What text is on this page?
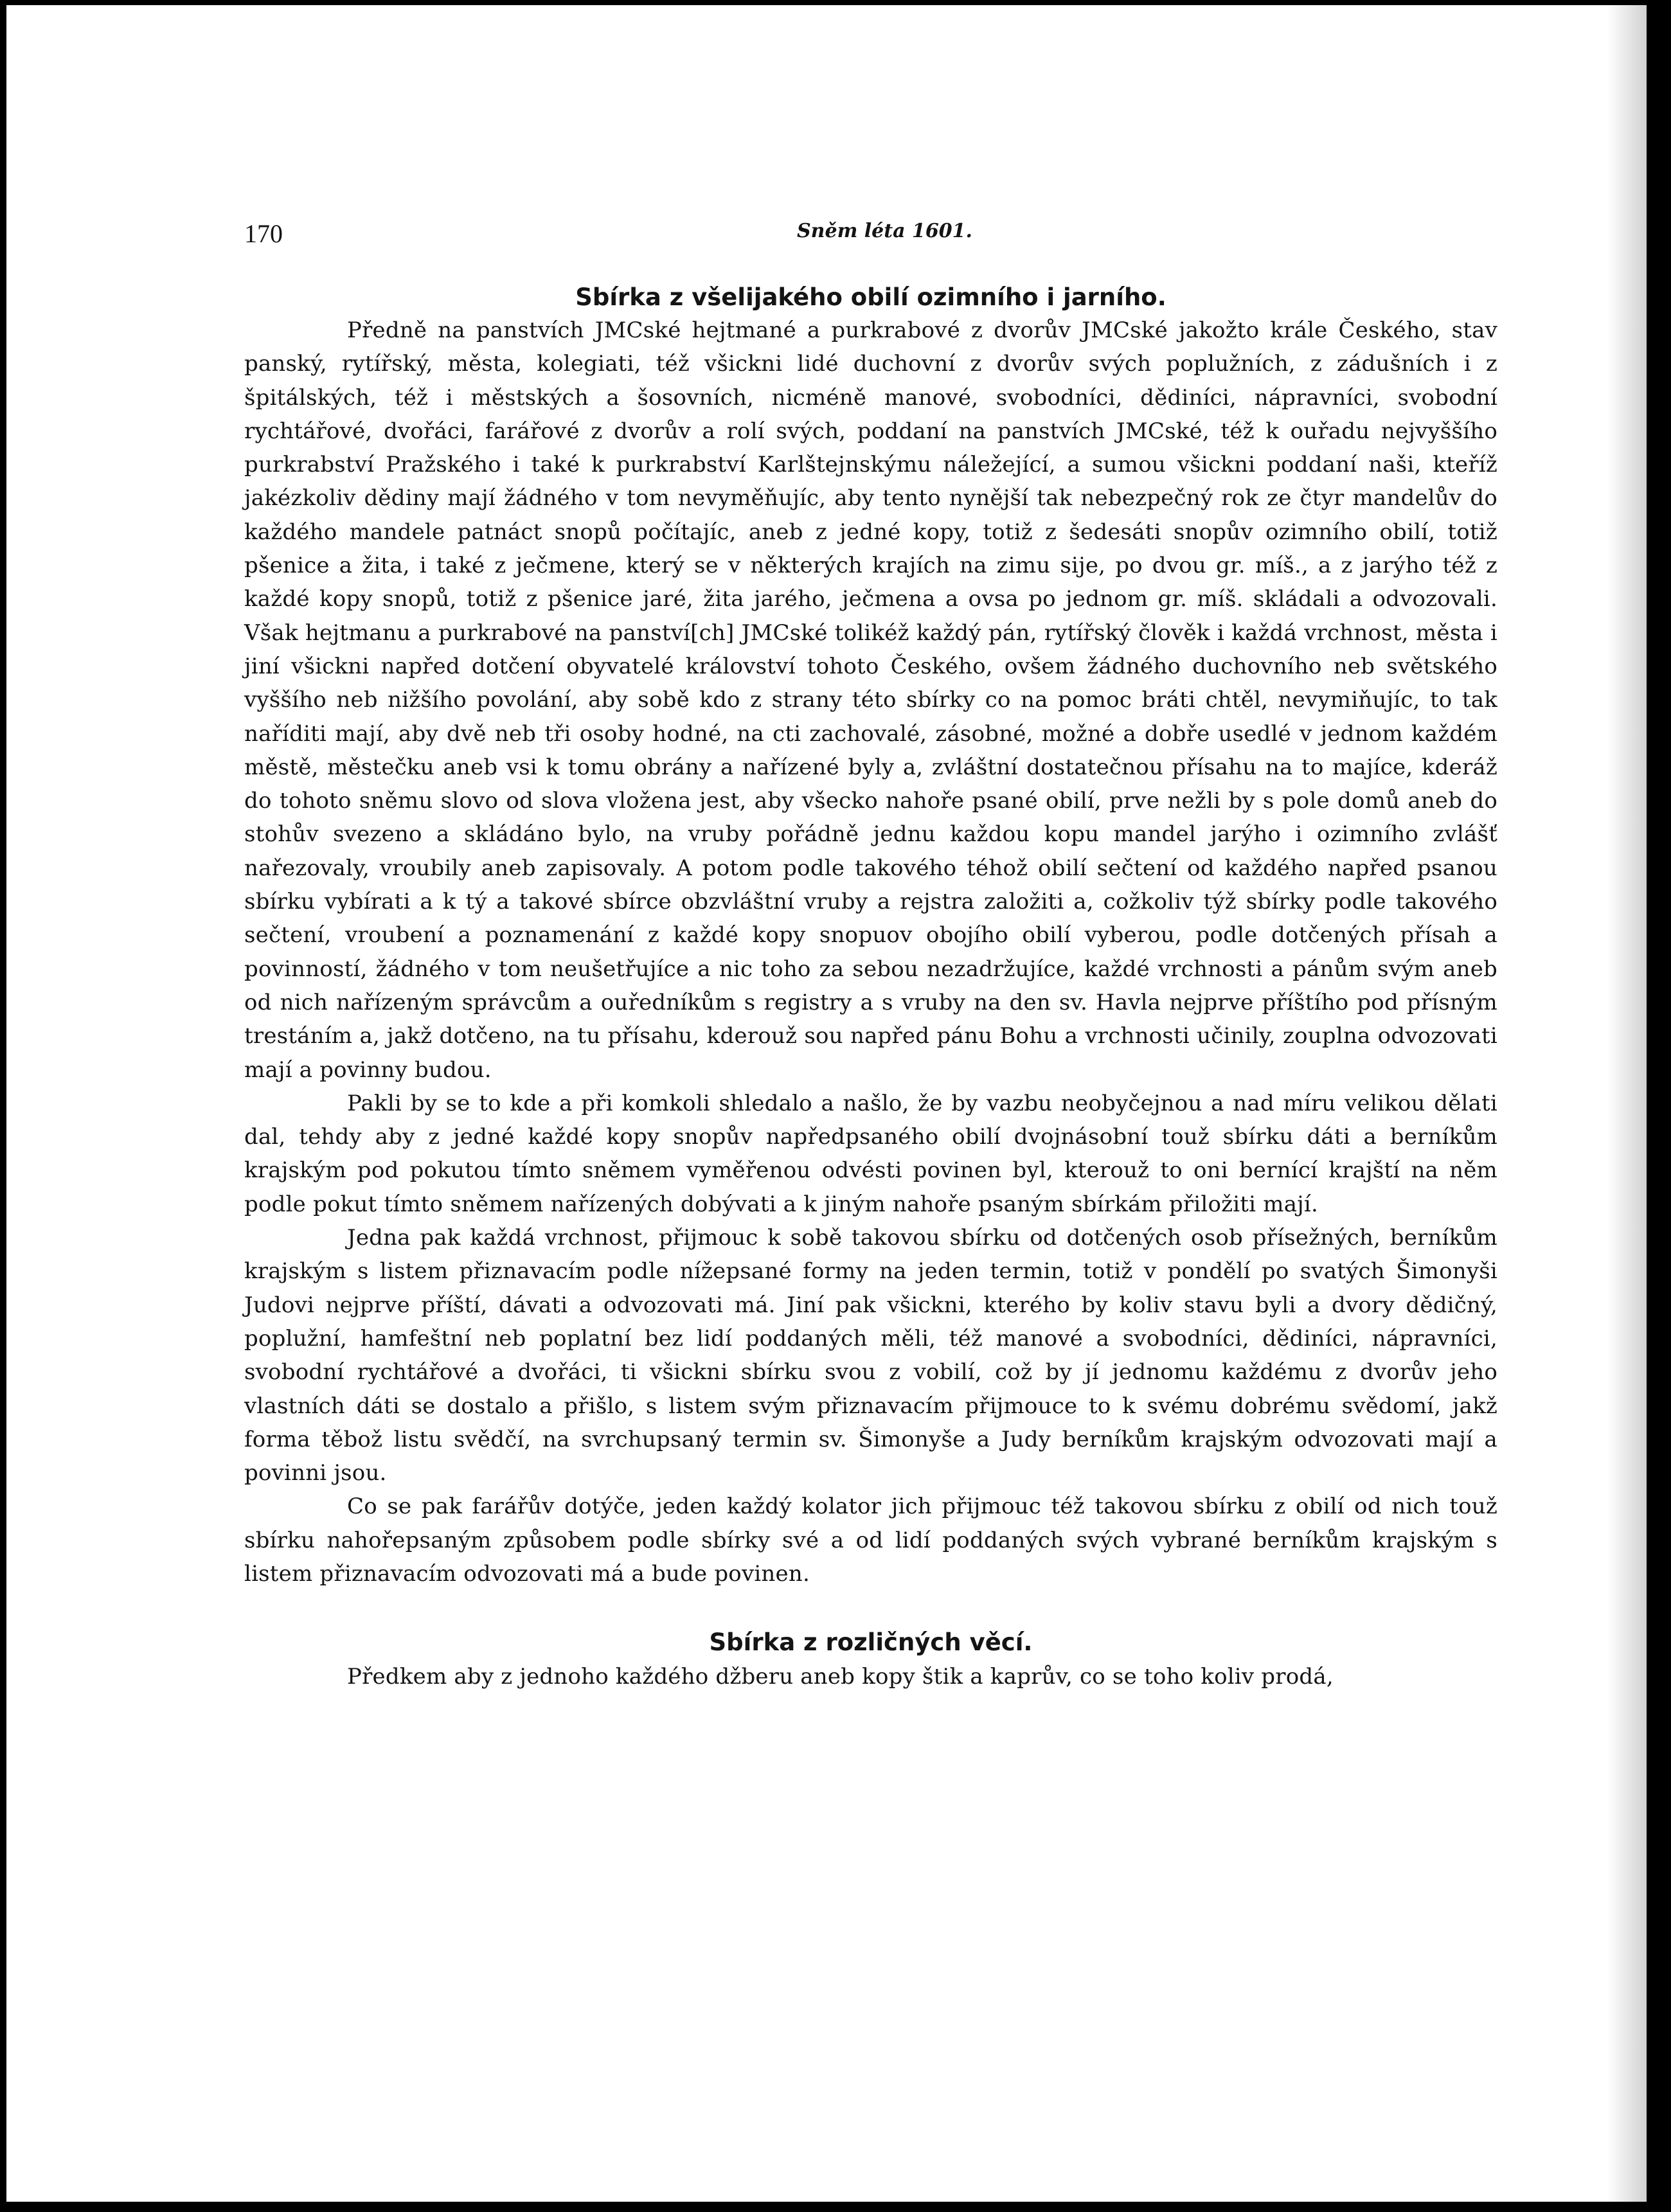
170	Sněm léta 1601.
Sbírka z všelijakého obilí ozimního i jarního.

Předně na panstvích JMCské hejtmané a purkrabové z dvorův JMCské jakožto krále Českého, stav panský, rytířský, města, kolegiati, též všickni lidé duchovní z dvorův svých poplužních, z zádušních i z špitálských, též i městských a šosovních, nicméně manové, svobodníci, dědiníci, nápravníci, svobodní rychtářové, dvořáci, farářové z dvorův a rolí svých, poddaní na panstvích JMCské, též k ouřadu nejvyššího purkrabství Pražského i také k purkrabství Karlštejnskýmu náležející, a sumou všickni poddaní naši, kteříž jakézkoliv dědiny mají žádného v tom nevyměňujíc, aby tento nynější tak nebezpečný rok ze čtyr mandelův do každého mandele patnáct snopů počítajíc, aneb z jedné kopy, totiž z šedesáti snopův ozimního obilí, totiž pšenice a žita, i také z ječmene, který se v některých krajích na zimu sije, po dvou gr. míš., a z jarýho též z každé kopy snopů, totiž z pšenice jaré, žita jarého, ječmena a ovsa po jednom gr. míš. skládali a odvozovali. Však hejtmanu a purkrabové na panství[ch] JMCské tolikéž každý pán, rytířský člověk i každá vrchnost, města i jiní všickni napřed dotčení obyvatelé království tohoto Českého, ovšem žádného duchovního neb světského vyššího neb nižšího povolání, aby sobě kdo z strany této sbírky co na pomoc bráti chtěl, nevymiňujíc, to tak naříditi mají, aby dvě neb tři osoby hodné, na cti zachovalé, zásobné, možné a dobře usedlé v jednom každém městě, městečku aneb vsi k tomu obrány a nařízené byly a, zvláštní dostatečnou přísahu na to majíce, kderáž do tohoto sněmu slovo od slova vložena jest, aby všecko nahoře psané obilí, prve nežli by s pole domů aneb do stohův svezeno a skládáno bylo, na vruby pořádně jednu každou kopu mandel jarýho i ozimního zvlášť nařezovaly, vroubily aneb zapisovaly. A potom podle takového téhož obilí sečtení od každého napřed psanou sbírku vybírati a k tý a takové sbírce obzvláštní vruby a rejstra založiti a, cožkoliv týž sbírky podle takového sečtení, vroubení a poznamenání z každé kopy snopuov obojího obilí vyberou, podle dotčených přísah a povinností, žádného v tom neušetřujíce a nic toho za sebou nezadržujíce, každé vrchnosti a pánům svým aneb od nich nařízeným správcům a ouředníkům s registry a s vruby na den sv. Havla nejprve příštího pod přísným trestáním a, jakž dotčeno, na tu přísahu, kderouž sou napřed pánu Bohu a vrchnosti učinily, zouplna odvozovati mají a povinny budou.

Pakli by se to kde a při komkoli shledalo a našlo, že by vazbu neobyčejnou a nad míru velikou dělati dal, tehdy aby z jedné každé kopy snopův napředpsaného obilí dvojnásobní touž sbírku dáti a berníkům krajským pod pokutou tímto sněmem vyměřenou odvésti povinen byl, kterouž to oni bernící krajští na něm podle pokut tímto sněmem nařízených dobývati a k jiným nahoře psaným sbírkám přiložiti mají.

Jedna pak každá vrchnost, přijmouc k sobě takovou sbírku od dotčených osob přísežných, berníkům krajským s listem přiznavacím podle nížepsané formy na jeden termin, totiž v pondělí po svatých Šimonyši Judovi nejprve příští, dávati a odvozovati má. Jiní pak všickni, kterého by koliv stavu byli a dvory dědičný, poplužní, hamfeštní neb poplatní bez lidí poddaných měli, též manové a svobodníci, dědiníci, nápravníci, svobodní rychtářové a dvořáci, ti všickni sbírku svou z vobilí, což by jí jednomu každému z dvorův jeho vlastních dáti se dostalo a přišlo, s listem svým přiznavacím přijmouce to k svému dobrému svědomí, jakž forma těbož listu svědčí, na svrchupsaný termin sv. Šimonyše a Judy berníkům krajským odvozovati mají a povinni jsou.

Co se pak farářův dotýče, jeden každý kolator jich přijmouc též takovou sbírku z obilí od nich touž sbírku nahořepsaným způsobem podle sbírky své a od lidí poddaných svých vybrané berníkům krajským s listem přiznavacím odvozovati má a bude povinen.

Sbírka z rozličných věcí.

Předkem aby z jednoho každého džberu aneb kopy štik a kaprův, co se toho koliv prodá,
